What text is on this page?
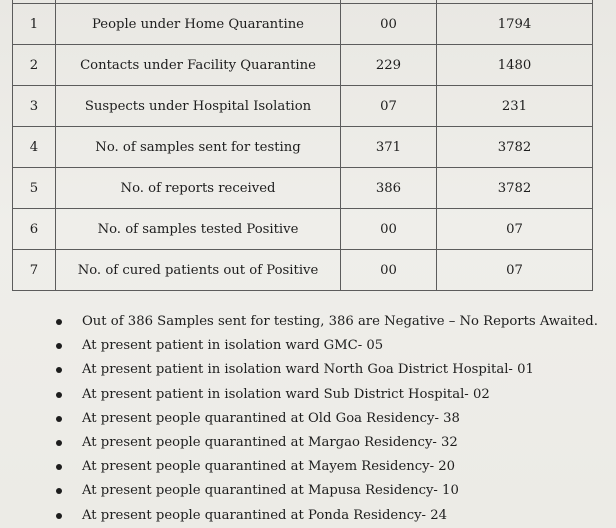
1	People under Home Quarantine	00	1794
2	Contacts under Facility Quarantine	229	1480
3	Suspects under Hospital Isolation	07	231
4	No. of samples sent for testing	371	3782
5	No. of reports received	386	3782
6	No. of samples tested Positive	00	07
7	No. of cured patients out of Positive	00	07
Out of 386 Samples sent for testing, 386 are Negative – No Reports Awaited.
At present patient in isolation ward GMC- 05
At present patient in isolation ward North Goa District Hospital- 01
At present patient in isolation ward Sub District Hospital- 02
At present people quarantined at Old Goa Residency- 38
At present people quarantined at Margao Residency- 32
At present people quarantined at Mayem Residency- 20
At present people quarantined at Mapusa Residency- 10
At present people quarantined at Ponda Residency- 24
